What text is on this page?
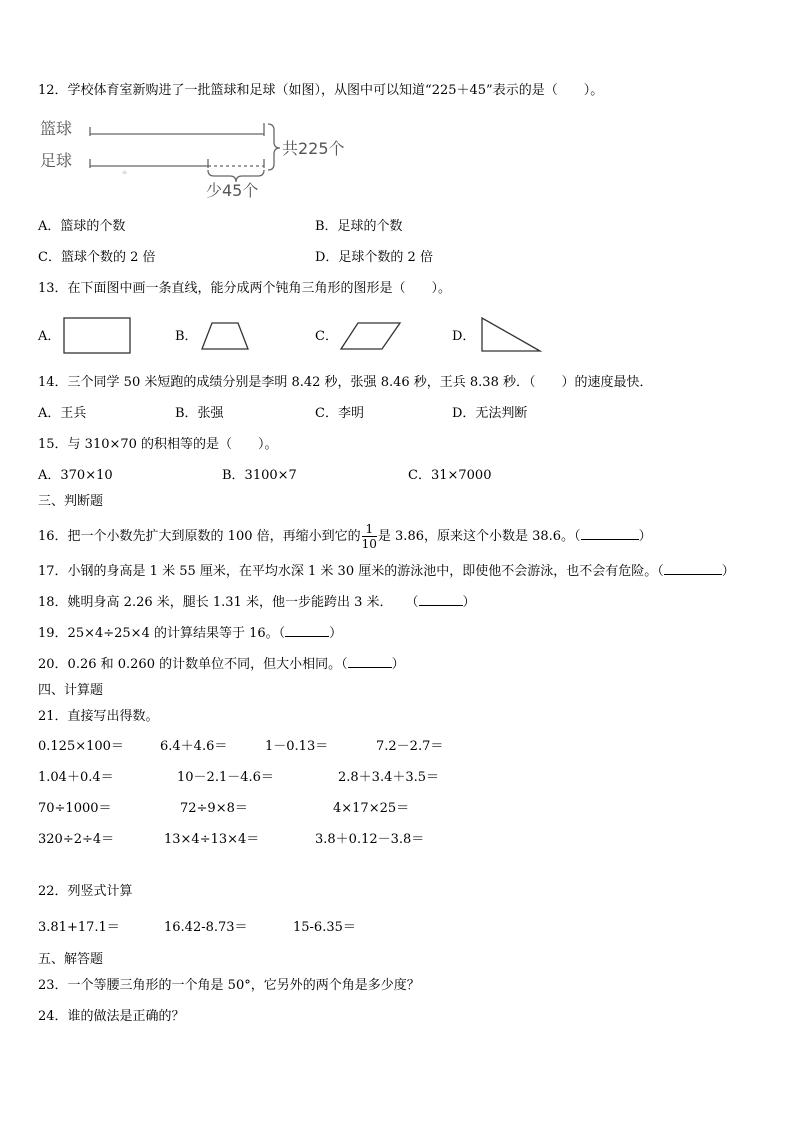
12．学校体育室新购进了一批篮球和足球（如图），从图中可以知道“225＋45”表示的是（　　）。
篮球
足球
共225个
少45个
≡
A．篮球的个数	B．足球的个数
C．篮球个数的 2 倍	D．足球个数的 2 倍
13．在下面图中画一条直线，能分成两个钝角三角形的图形是（　　）。
A．	B．	C．	D．
14．三个同学 50 米短跑的成绩分别是李明 8.42 秒，张强 8.46 秒，王兵 8.38 秒．（　　）的速度最快．
A．王兵	B．张强	C．李明	D．无法判断
15．与 310×70 的积相等的是（　　）。
A．370×10	B．3100×7	C．31×7000
三、判断题
16．把一个小数先扩大到原数的 100 倍，再缩小到它的 $\frac{1}{10}$ 是 3.86，原来这个小数是 38.6。（	）
17．小钢的身高是 1 米 55 厘米，在平均水深 1 米 30 厘米的游泳池中，即使他不会游泳，也不会有危险。（	）
18．姚明身高 2.26 米，腿长 1.31 米，他一步能跨出 3 米．　　（	）
19．25×4÷25×4 的计算结果等于 16。（	）
20．0.26 和 0.260 的计数单位不同，但大小相同。（	）
四、计算题
21．直接写出得数。
0.125×100＝	6.4＋4.6＝	1－0.13＝	7.2－2.7＝
1.04＋0.4＝	10－2.1－4.6＝	2.8＋3.4＋3.5＝
70÷1000＝	72÷9×8＝	4×17×25＝
320÷2÷4＝	13×4÷13×4＝	3.8＋0.12－3.8＝
22．列竖式计算
3.81+17.1＝	16.42-8.73＝	15-6.35＝
五、解答题
23．一个等腰三角形的一个角是 50°，它另外的两个角是多少度？
24．谁的做法是正确的？
